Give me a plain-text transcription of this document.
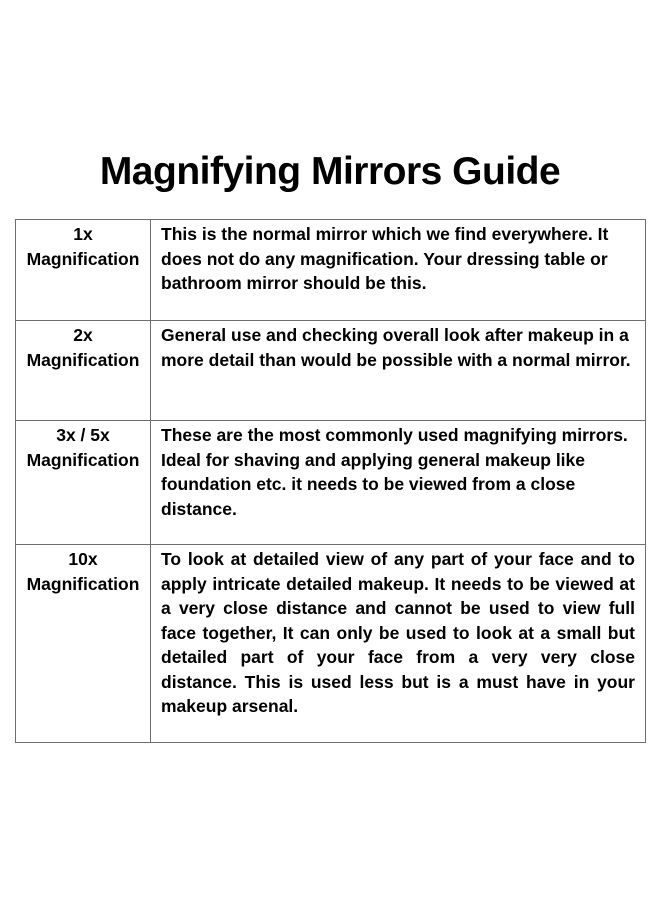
Magnifying Mirrors Guide
1x
Magnification	This is the normal mirror which we find everywhere. It does not do any magnification. Your dressing table or bathroom mirror should be this.

2x
Magnification	General use and checking overall look after makeup in a more detail than would be possible with a normal mirror.

3x / 5x
Magnification	These are the most commonly used magnifying mirrors. Ideal for shaving and applying general makeup like foundation etc. it needs to be viewed from a close distance.

10x
Magnification	To look at detailed view of any part of your face and to apply intricate detailed makeup. It needs to be viewed at a very close distance and cannot be used to view full face together, It can only be used to look at a small but detailed part of your face from a very very close distance. This is used less but is a must have in your makeup arsenal.
